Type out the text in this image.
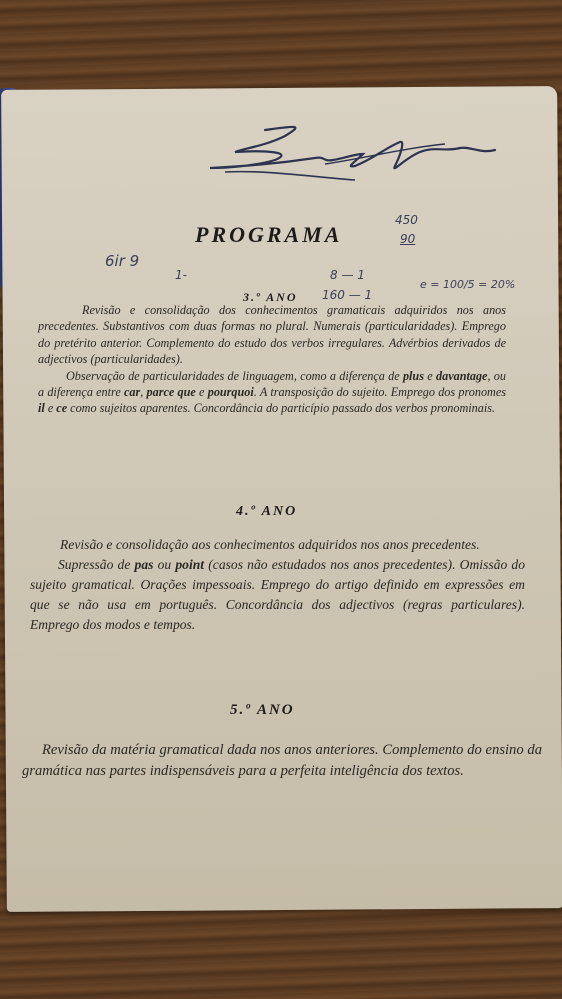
PROGRAMA
450
90
6ir 9
1-	8 — 1
160 — 1
e = 100/5 = 20%
3.º ANO
Revisão e consolidação dos conhecimentos gramaticais adquiridos nos anos precedentes. Substantivos com duas formas no plural. Numerais (particularidades). Emprego do pretérito anterior. Complemento do estudo dos verbos irregulares. Advérbios derivados de adjectivos (particularidades).
Observação de particularidades de linguagem, como a diferença de plus e davantage, ou a diferença entre car, parce que e pourquoi. A transposição do sujeito. Emprego dos pronomes il e ce como sujeitos aparentes. Concordância do particípio passado dos verbos pronominais.
4.º ANO
Revisão e consolidação aos conhecimentos adquiridos nos anos precedentes.
Supressão de pas ou point (casos não estudados nos anos precedentes). Omissão do sujeito gramatical. Orações impessoais. Emprego do artigo definido em expressões em que se não usa em português. Concordância dos adjectivos (regras particulares). Emprego dos modos e tempos.
5.º ANO
Revisão da matéria gramatical dada nos anos anteriores. Complemento do ensino da gramática nas partes indispensáveis para a perfeita inteligência dos textos.
